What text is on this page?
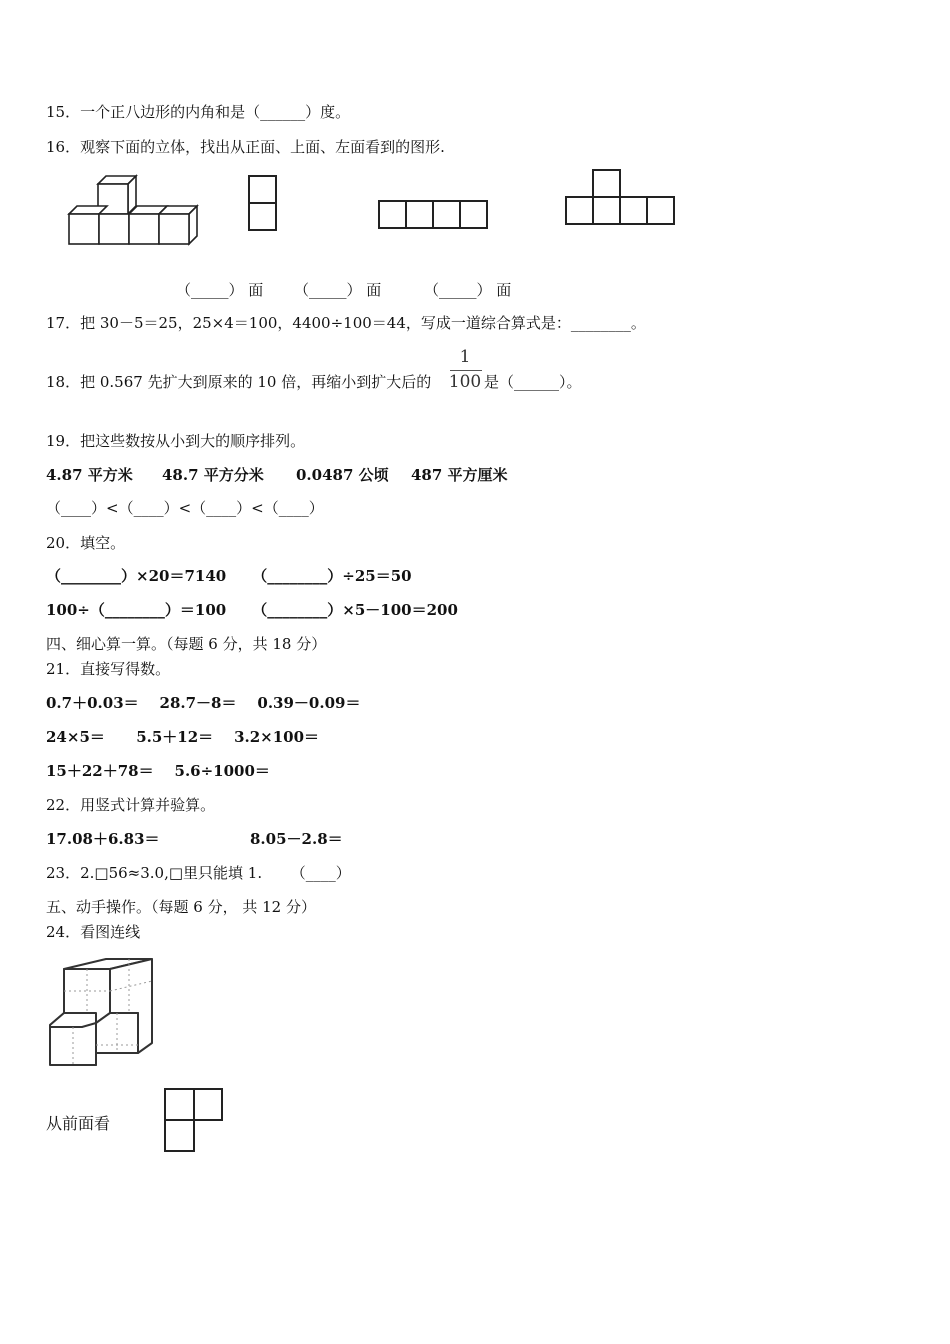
15．一个正八边形的内角和是（______）度。
16．观察下面的立体，找出从正面、上面、左面看到的图形.
（_____） 面 （_____） 面	（_____） 面
17．把 30－5＝25，25×4＝100，4400÷100＝44，写成一道综合算式是：________。
18．把 0.567 先扩大到原来的 10 倍，再缩小到扩大后的
1
100 是（______）。
19．把这些数按从小到大的顺序排列。
4.87 平方米 48.7 平方分米 0.0487 公顷 487 平方厘米
（____）<（____）<（____）<（____）
20．填空。
（________）×20＝7140     （________）÷25＝50
100÷（________）＝100     （________）×5－100＝200
四、细心算一算。（每题 6 分，共 18 分）
21．直接写得数。
0.7＋0.03＝    28.7－8＝    0.39－0.09＝
24×5＝      5.5＋12＝    3.2×100＝
15＋22＋78＝    5.6÷1000＝
22．用竖式计算并验算。
17.08＋6.83＝	8.05－2.8＝
23．2.□56≈3.0,□里只能填 1.      （____）
五、动手操作。（每题 6 分， 共 12 分）
24．看图连线
从前面看
